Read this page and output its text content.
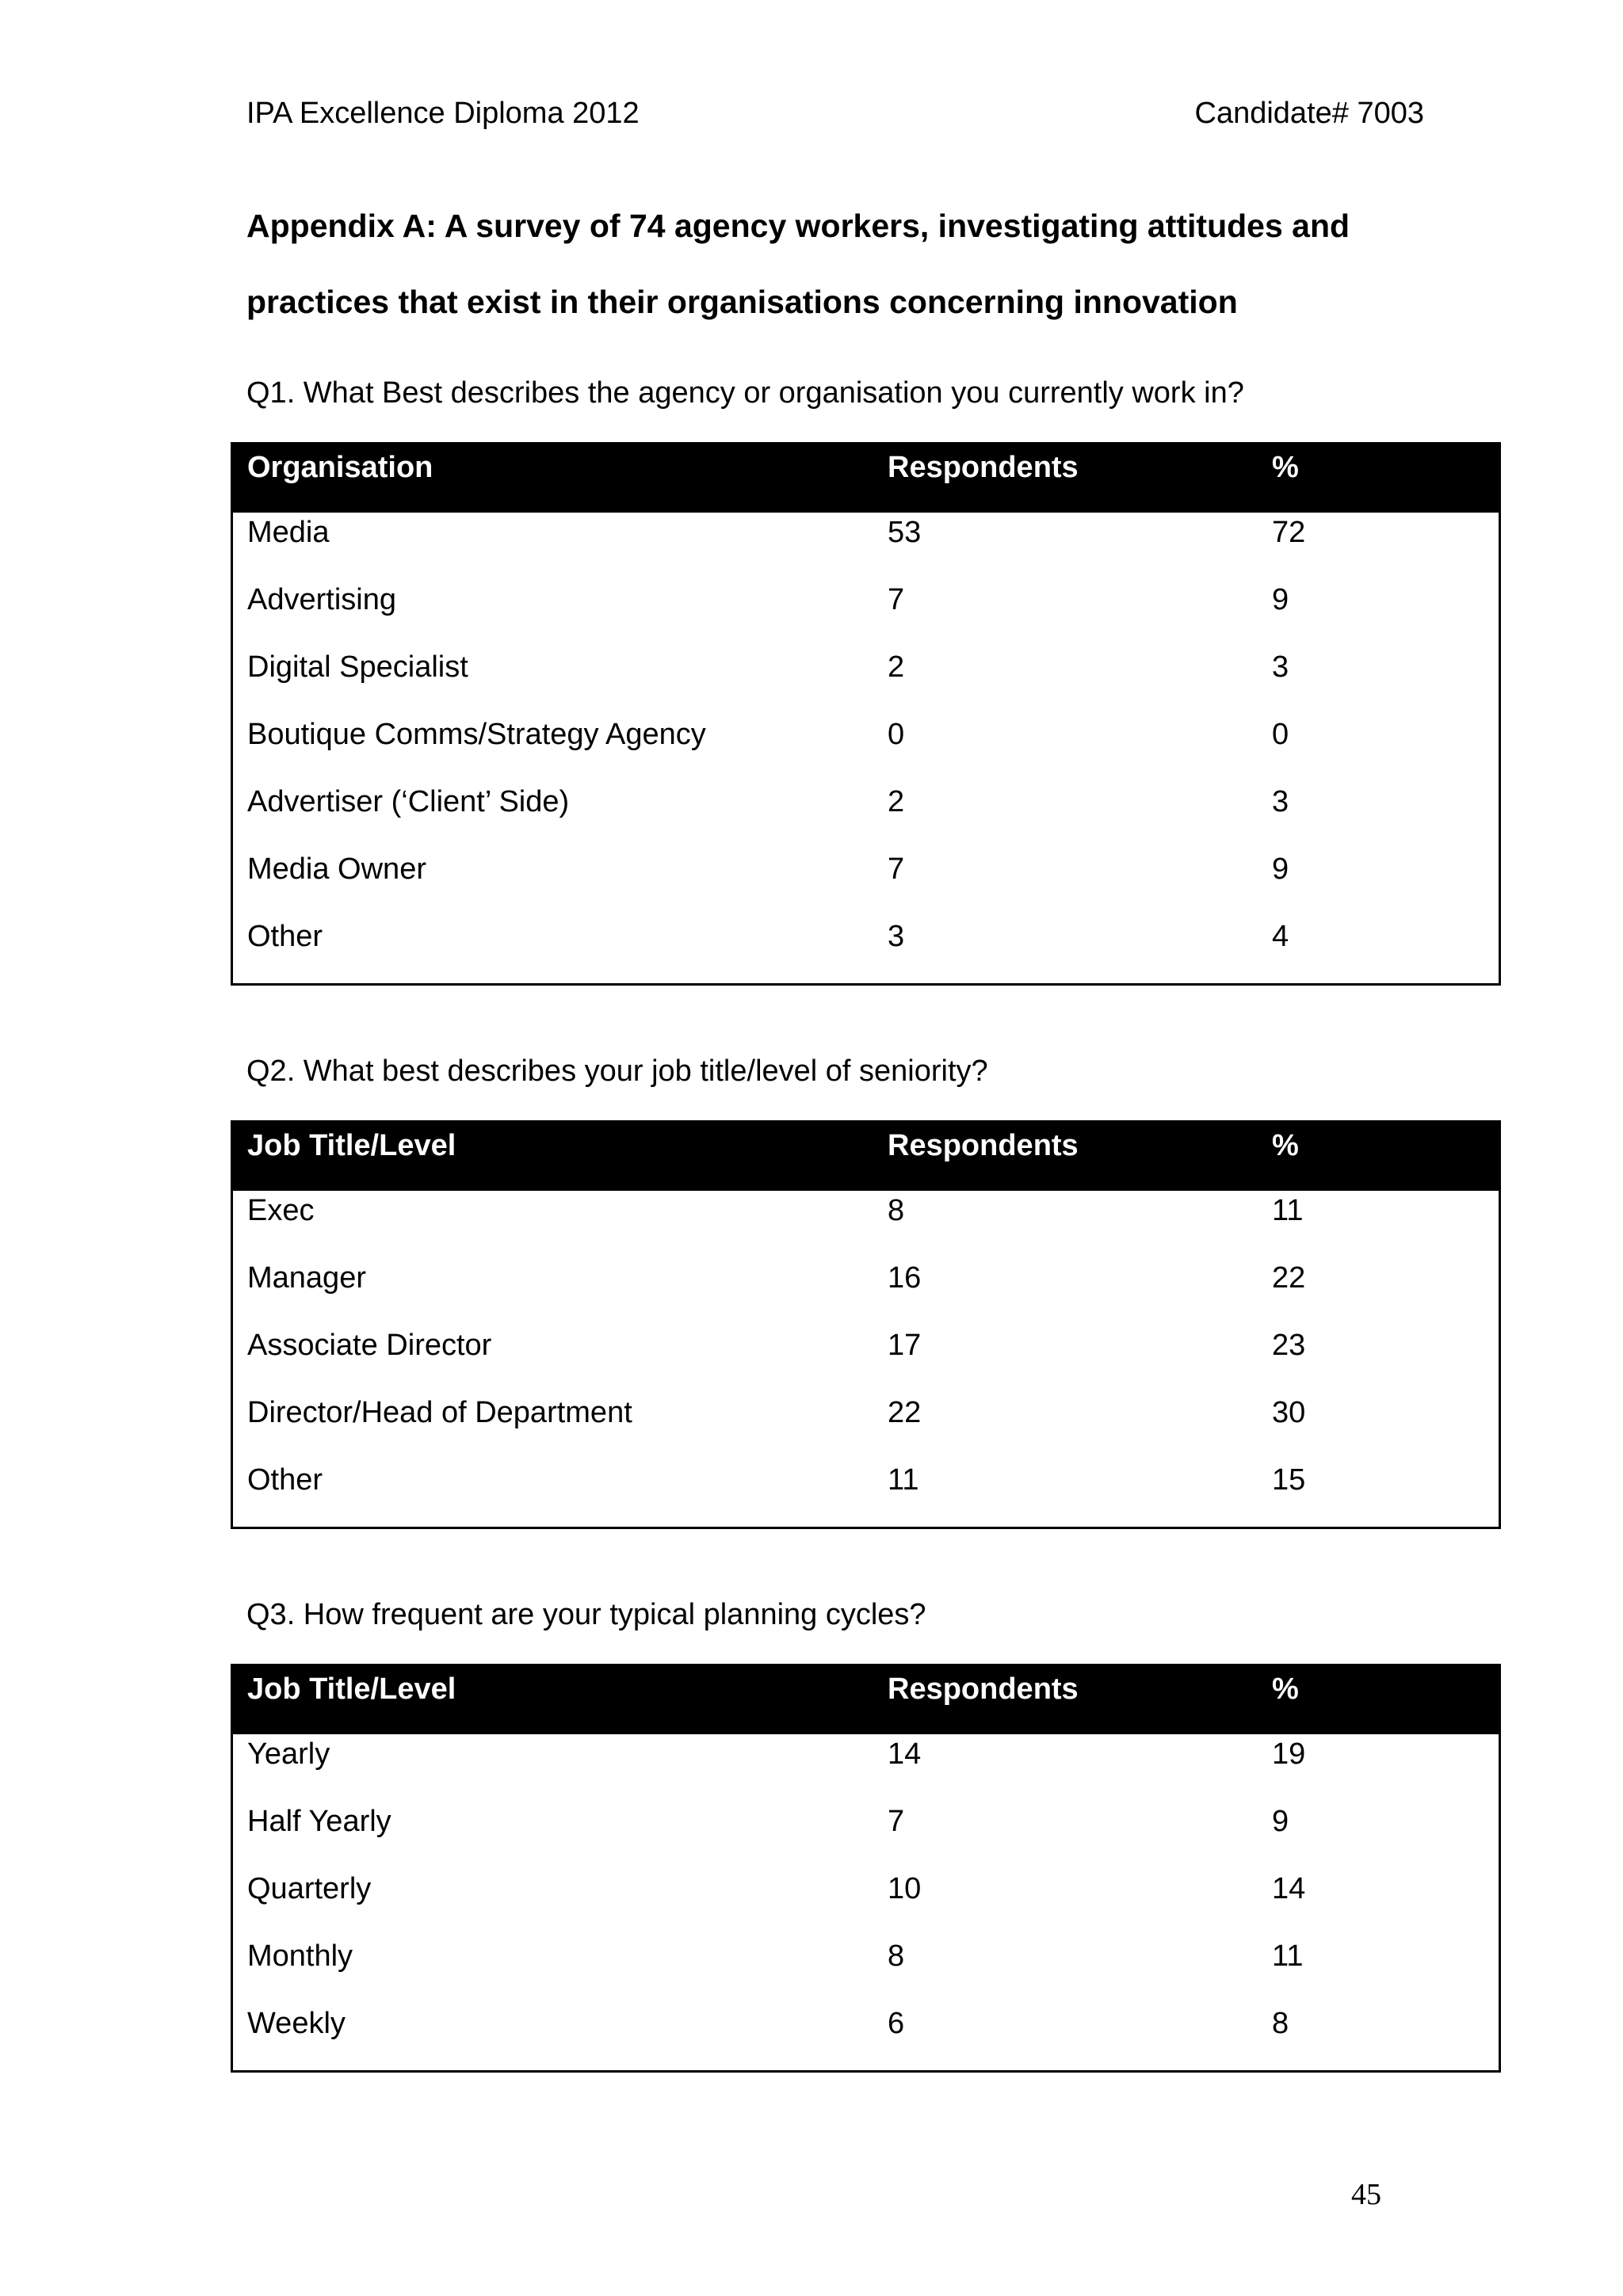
IPA Excellence Diploma 2012	Candidate# 7003
Appendix A: A survey of 74 agency workers, investigating attitudes and
practices that exist in their organisations concerning innovation
Q1. What Best describes the agency or organisation you currently work in?
Organisation	Respondents	%
Media	53	72
Advertising	7	9
Digital Specialist	2	3
Boutique Comms/Strategy Agency	0	0
Advertiser (‘Client’ Side)	2	3
Media Owner	7	9
Other	3	4
Q2. What best describes your job title/level of seniority?
Job Title/Level	Respondents	%
Exec	8	11
Manager	16	22
Associate Director	17	23
Director/Head of Department	22	30
Other	11	15
Q3. How frequent are your typical planning cycles?
Job Title/Level	Respondents	%
Yearly	14	19
Half Yearly	7	9
Quarterly	10	14
Monthly	8	11
Weekly	6	8
45
